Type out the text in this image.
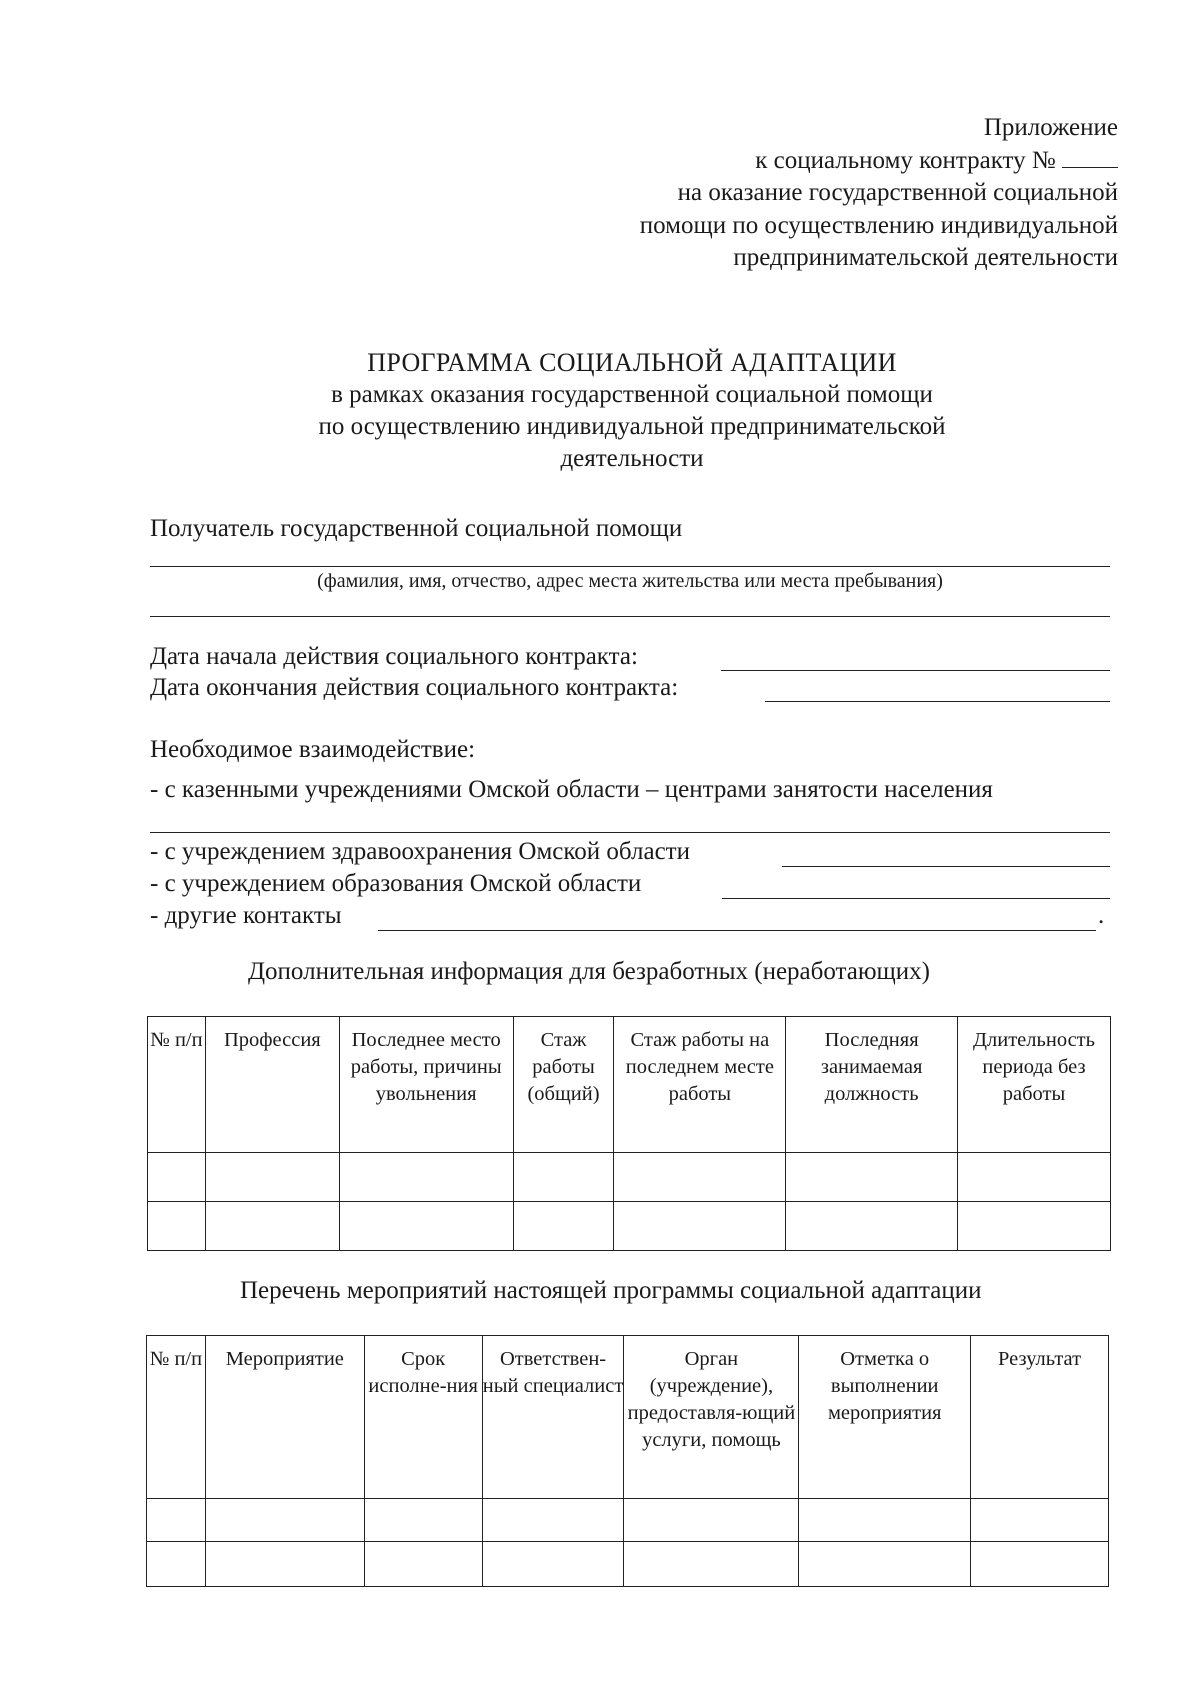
Приложение
к социальному контракту №
на оказание государственной социальной
помощи по осуществлению индивидуальной
предпринимательской деятельности
ПРОГРАММА СОЦИАЛЬНОЙ АДАПТАЦИИ
в рамках оказания государственной социальной помощи
по осуществлению индивидуальной предпринимательской
деятельности
Получатель государственной социальной помощи
(фамилия, имя, отчество, адрес места жительства или места пребывания)
Дата начала действия социального контракта:
Дата окончания действия социального контракта:
Необходимое взаимодействие:
- с казенными учреждениями Омской области – центрами занятости населения
- с учреждением здравоохранения Омской области
- с учреждением образования Омской области
- другие контакты	.
Дополнительная информация для безработных (неработающих)
№ п/п	Профессия	Последнее место работы, причины увольнения	Стаж работы (общий)	Стаж работы на последнем месте работы	Последняя занимаемая должность	Длительность периода без работы

Перечень мероприятий настоящей программы социальной адаптации
№ п/п	Мероприятие	Срок исполне-ния	Ответствен-ный специалист	Орган (учреждение), предоставля-ющий услуги, помощь	Отметка о выполнении мероприятия	Результат
